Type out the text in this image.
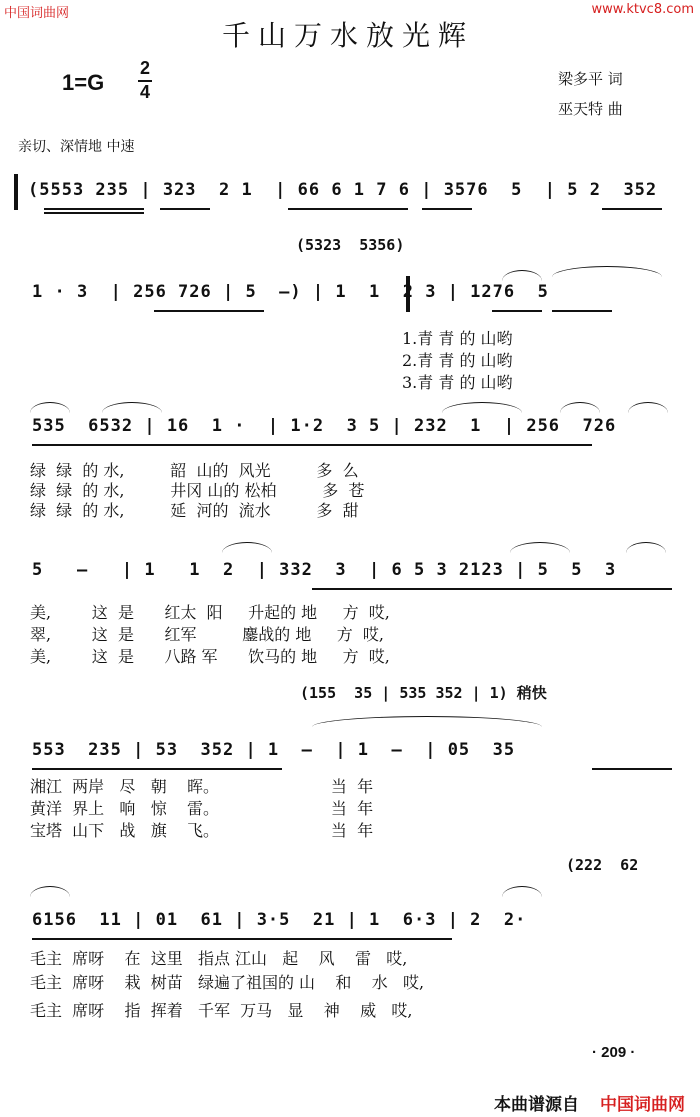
中国词曲网	www.ktvc8.com
千山万水放光辉
1=G
2
4
梁多平 词
巫天特 曲
亲切、深情地 中速
(5553 235 | 323  2 1  | 66 6 1 7 6 | 3576  5  | 5 2  352
(5323  5356)
1 · 3  | 256 726 | 5  —) | 1  1  2 3 | 1276  5
1.青 青 的 山哟
2.青 青 的 山哟
3.青 青 的 山哟
535  6532 | 16  1 ·  | 1·2  3 5 | 232  1  | 256  726
绿  绿  的 水,         韶  山的  风光         多  么
绿  绿  的 水,         井冈 山的 松柏         多  苍
绿  绿  的 水,         延  河的  流水         多  甜
5   —   | 1   1  2  | 332  3  | 6 5 3 2123 | 5  5  3
美,        这  是      红太  阳     升起的 地     方  哎,
翠,        这  是      红军         鏖战的 地     方  哎,
美,        这  是      八路 军      饮马的 地     方  哎,
(155  35 | 535 352 | 1) 稍快
553  235 | 53  352 | 1  —  | 1  —  | 05  35
湘江  两岸   尽   朝    晖。                      当  年
黄洋  界上   响   惊    雷。                      当  年
宝塔  山下   战   旗    飞。                      当  年
(222  62
6156  11 | 01  61 | 3·5  21 | 1  6·3 | 2  2·
毛主  席呀    在  这里   指点 江山   起    风    雷   哎,
毛主  席呀    栽  树苗   绿遍了祖国的 山    和    水   哎,
毛主  席呀    指  挥着   千军  万马   显    神    威   哎,
· 209 ·
本曲谱源自 中国词曲网
